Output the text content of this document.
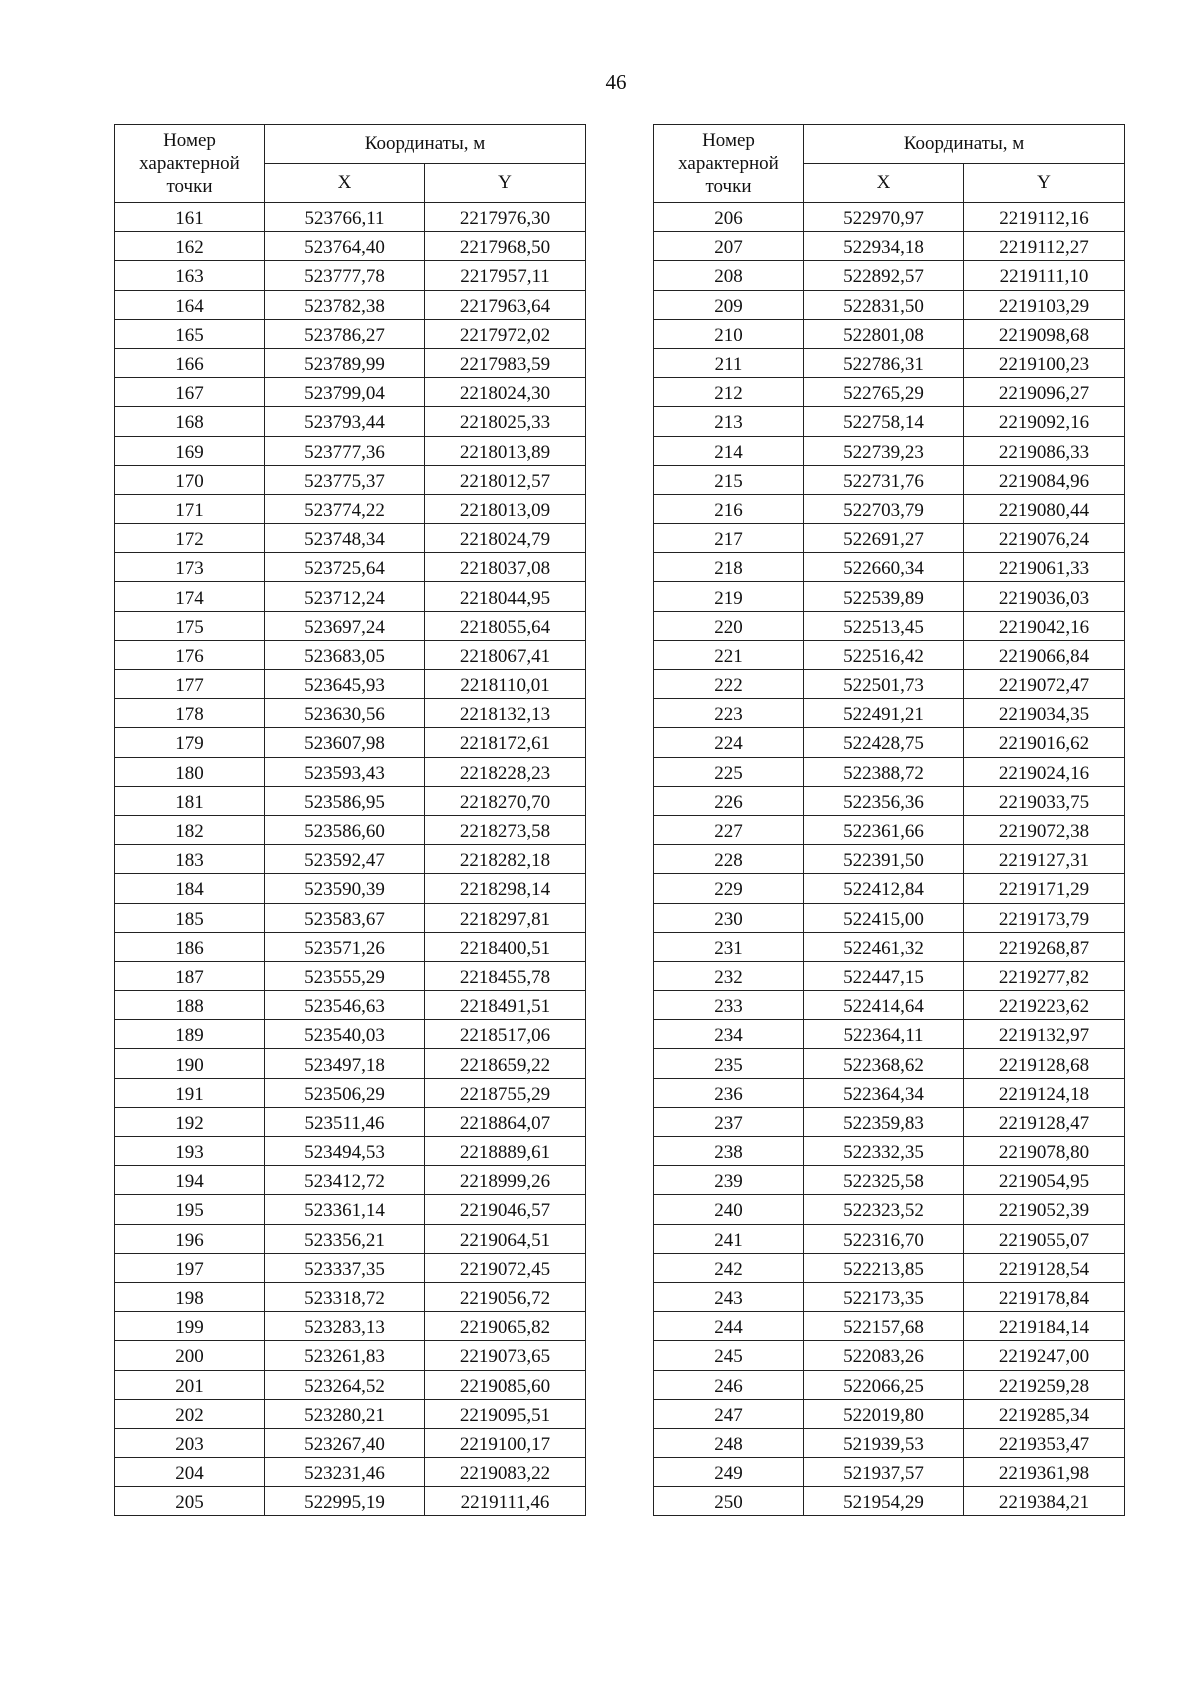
46
Номер характерной точки	Координаты, м	
	X	Y
161	523766,11	2217976,30
162	523764,40	2217968,50
163	523777,78	2217957,11
164	523782,38	2217963,64
165	523786,27	2217972,02
166	523789,99	2217983,59
167	523799,04	2218024,30
168	523793,44	2218025,33
169	523777,36	2218013,89
170	523775,37	2218012,57
171	523774,22	2218013,09
172	523748,34	2218024,79
173	523725,64	2218037,08
174	523712,24	2218044,95
175	523697,24	2218055,64
176	523683,05	2218067,41
177	523645,93	2218110,01
178	523630,56	2218132,13
179	523607,98	2218172,61
180	523593,43	2218228,23
181	523586,95	2218270,70
182	523586,60	2218273,58
183	523592,47	2218282,18
184	523590,39	2218298,14
185	523583,67	2218297,81
186	523571,26	2218400,51
187	523555,29	2218455,78
188	523546,63	2218491,51
189	523540,03	2218517,06
190	523497,18	2218659,22
191	523506,29	2218755,29
192	523511,46	2218864,07
193	523494,53	2218889,61
194	523412,72	2218999,26
195	523361,14	2219046,57
196	523356,21	2219064,51
197	523337,35	2219072,45
198	523318,72	2219056,72
199	523283,13	2219065,82
200	523261,83	2219073,65
201	523264,52	2219085,60
202	523280,21	2219095,51
203	523267,40	2219100,17
204	523231,46	2219083,22
205	522995,19	2219111,46
Номер характерной точки	Координаты, м	
	X	Y
206	522970,97	2219112,16
207	522934,18	2219112,27
208	522892,57	2219111,10
209	522831,50	2219103,29
210	522801,08	2219098,68
211	522786,31	2219100,23
212	522765,29	2219096,27
213	522758,14	2219092,16
214	522739,23	2219086,33
215	522731,76	2219084,96
216	522703,79	2219080,44
217	522691,27	2219076,24
218	522660,34	2219061,33
219	522539,89	2219036,03
220	522513,45	2219042,16
221	522516,42	2219066,84
222	522501,73	2219072,47
223	522491,21	2219034,35
224	522428,75	2219016,62
225	522388,72	2219024,16
226	522356,36	2219033,75
227	522361,66	2219072,38
228	522391,50	2219127,31
229	522412,84	2219171,29
230	522415,00	2219173,79
231	522461,32	2219268,87
232	522447,15	2219277,82
233	522414,64	2219223,62
234	522364,11	2219132,97
235	522368,62	2219128,68
236	522364,34	2219124,18
237	522359,83	2219128,47
238	522332,35	2219078,80
239	522325,58	2219054,95
240	522323,52	2219052,39
241	522316,70	2219055,07
242	522213,85	2219128,54
243	522173,35	2219178,84
244	522157,68	2219184,14
245	522083,26	2219247,00
246	522066,25	2219259,28
247	522019,80	2219285,34
248	521939,53	2219353,47
249	521937,57	2219361,98
250	521954,29	2219384,21
